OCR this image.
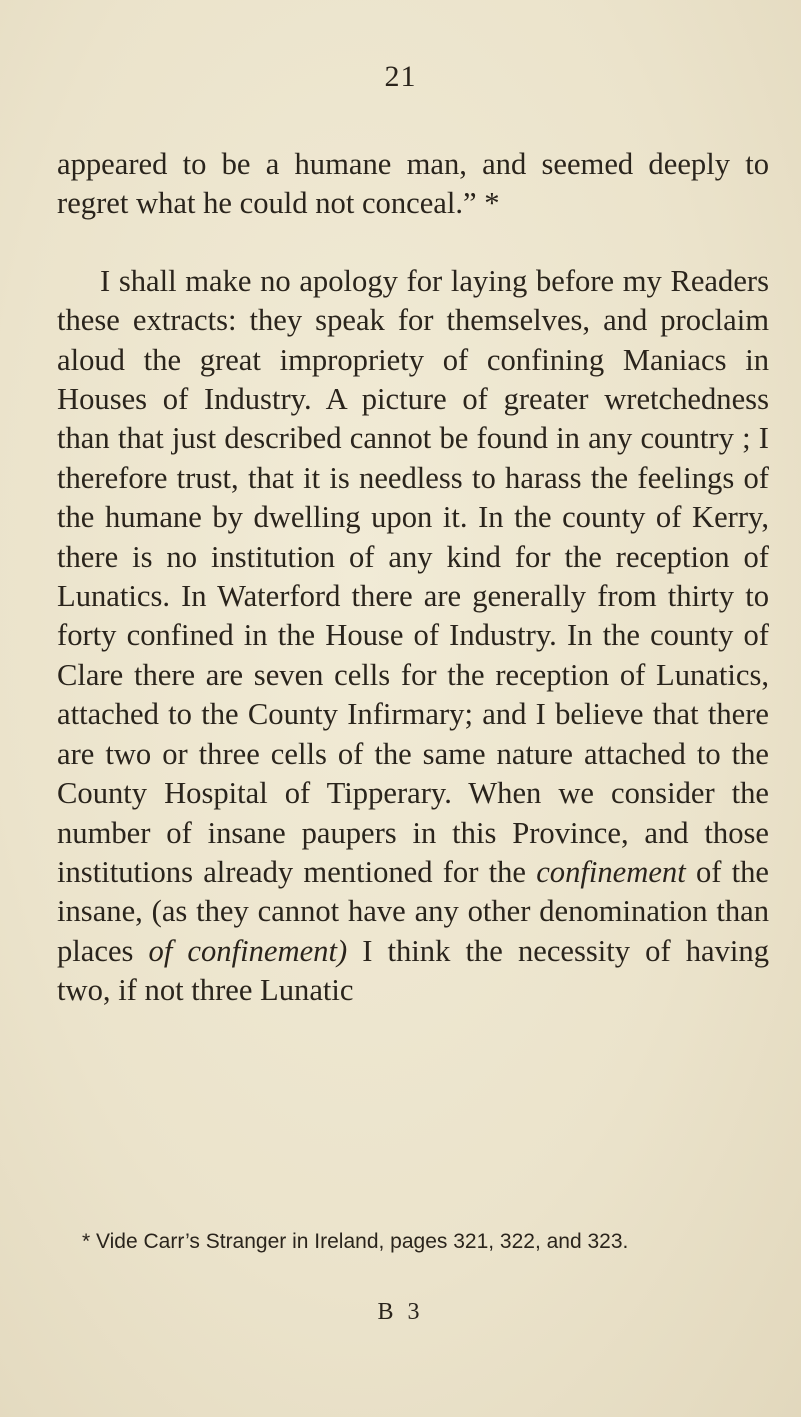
21

appeared to be a humane man, and seemed deeply to regret what he could not conceal.” *

I shall make no apology for laying before my Readers these extracts: they speak for themselves, and proclaim aloud the great impropriety of confining Maniacs in Houses of Industry. A picture of greater wretchedness than that just described cannot be found in any country ; I therefore trust, that it is needless to harass the feelings of the humane by dwelling upon it. In the county of Kerry, there is no institution of any kind for the reception of Lunatics. In Waterford there are generally from thirty to forty confined in the House of Industry. In the county of Clare there are seven cells for the reception of Lunatics, attached to the County Infirmary; and I believe that there are two or three cells of the same nature attached to the County Hospital of Tipperary. When we consider the number of insane paupers in this Province, and those institutions already mentioned for the confinement of the insane, (as they cannot have any other denomination than places of confinement) I think the necessity of having two, if not three Lunatic

* Vide Carr’s Stranger in Ireland, pages 321, 322, and 323.
B 3
